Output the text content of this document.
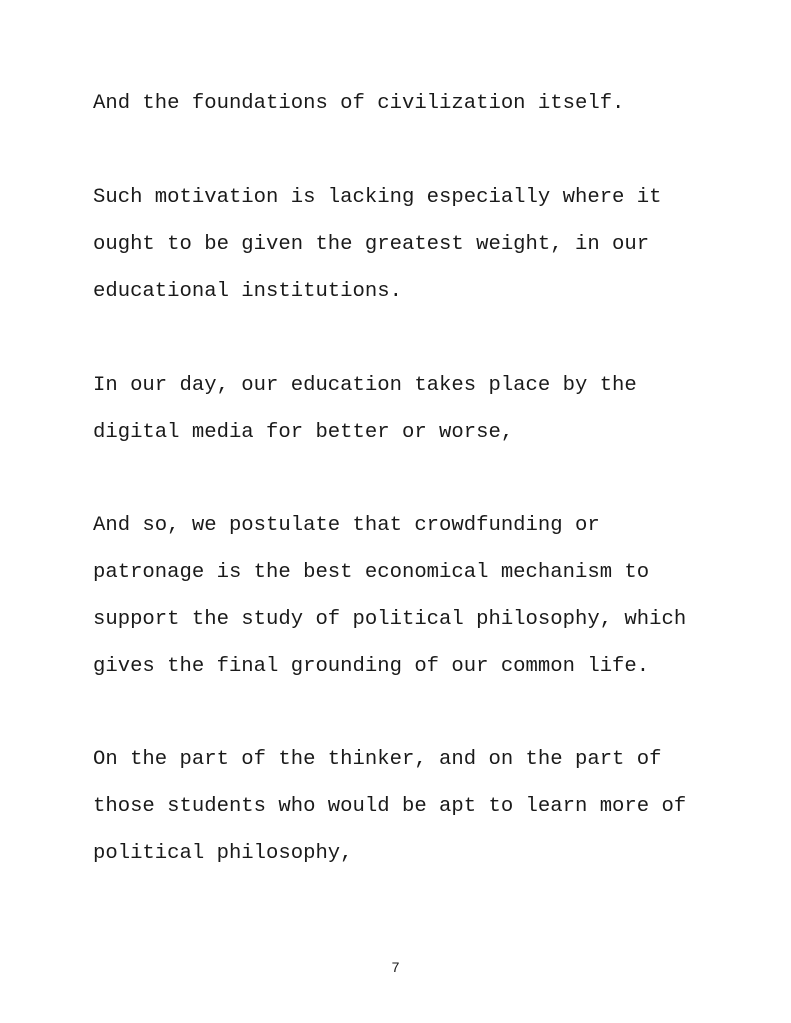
And the foundations of civilization itself.

Such motivation is lacking especially where it

ought to be given the greatest weight, in our

educational institutions.

In our day, our education takes place by the

digital media for better or worse,

And so, we postulate that crowdfunding or

patronage is the best economical mechanism to

support the study of political philosophy, which

gives the final grounding of our common life.

On the part of the thinker, and on the part of

those students who would be apt to learn more of

political philosophy,

7
